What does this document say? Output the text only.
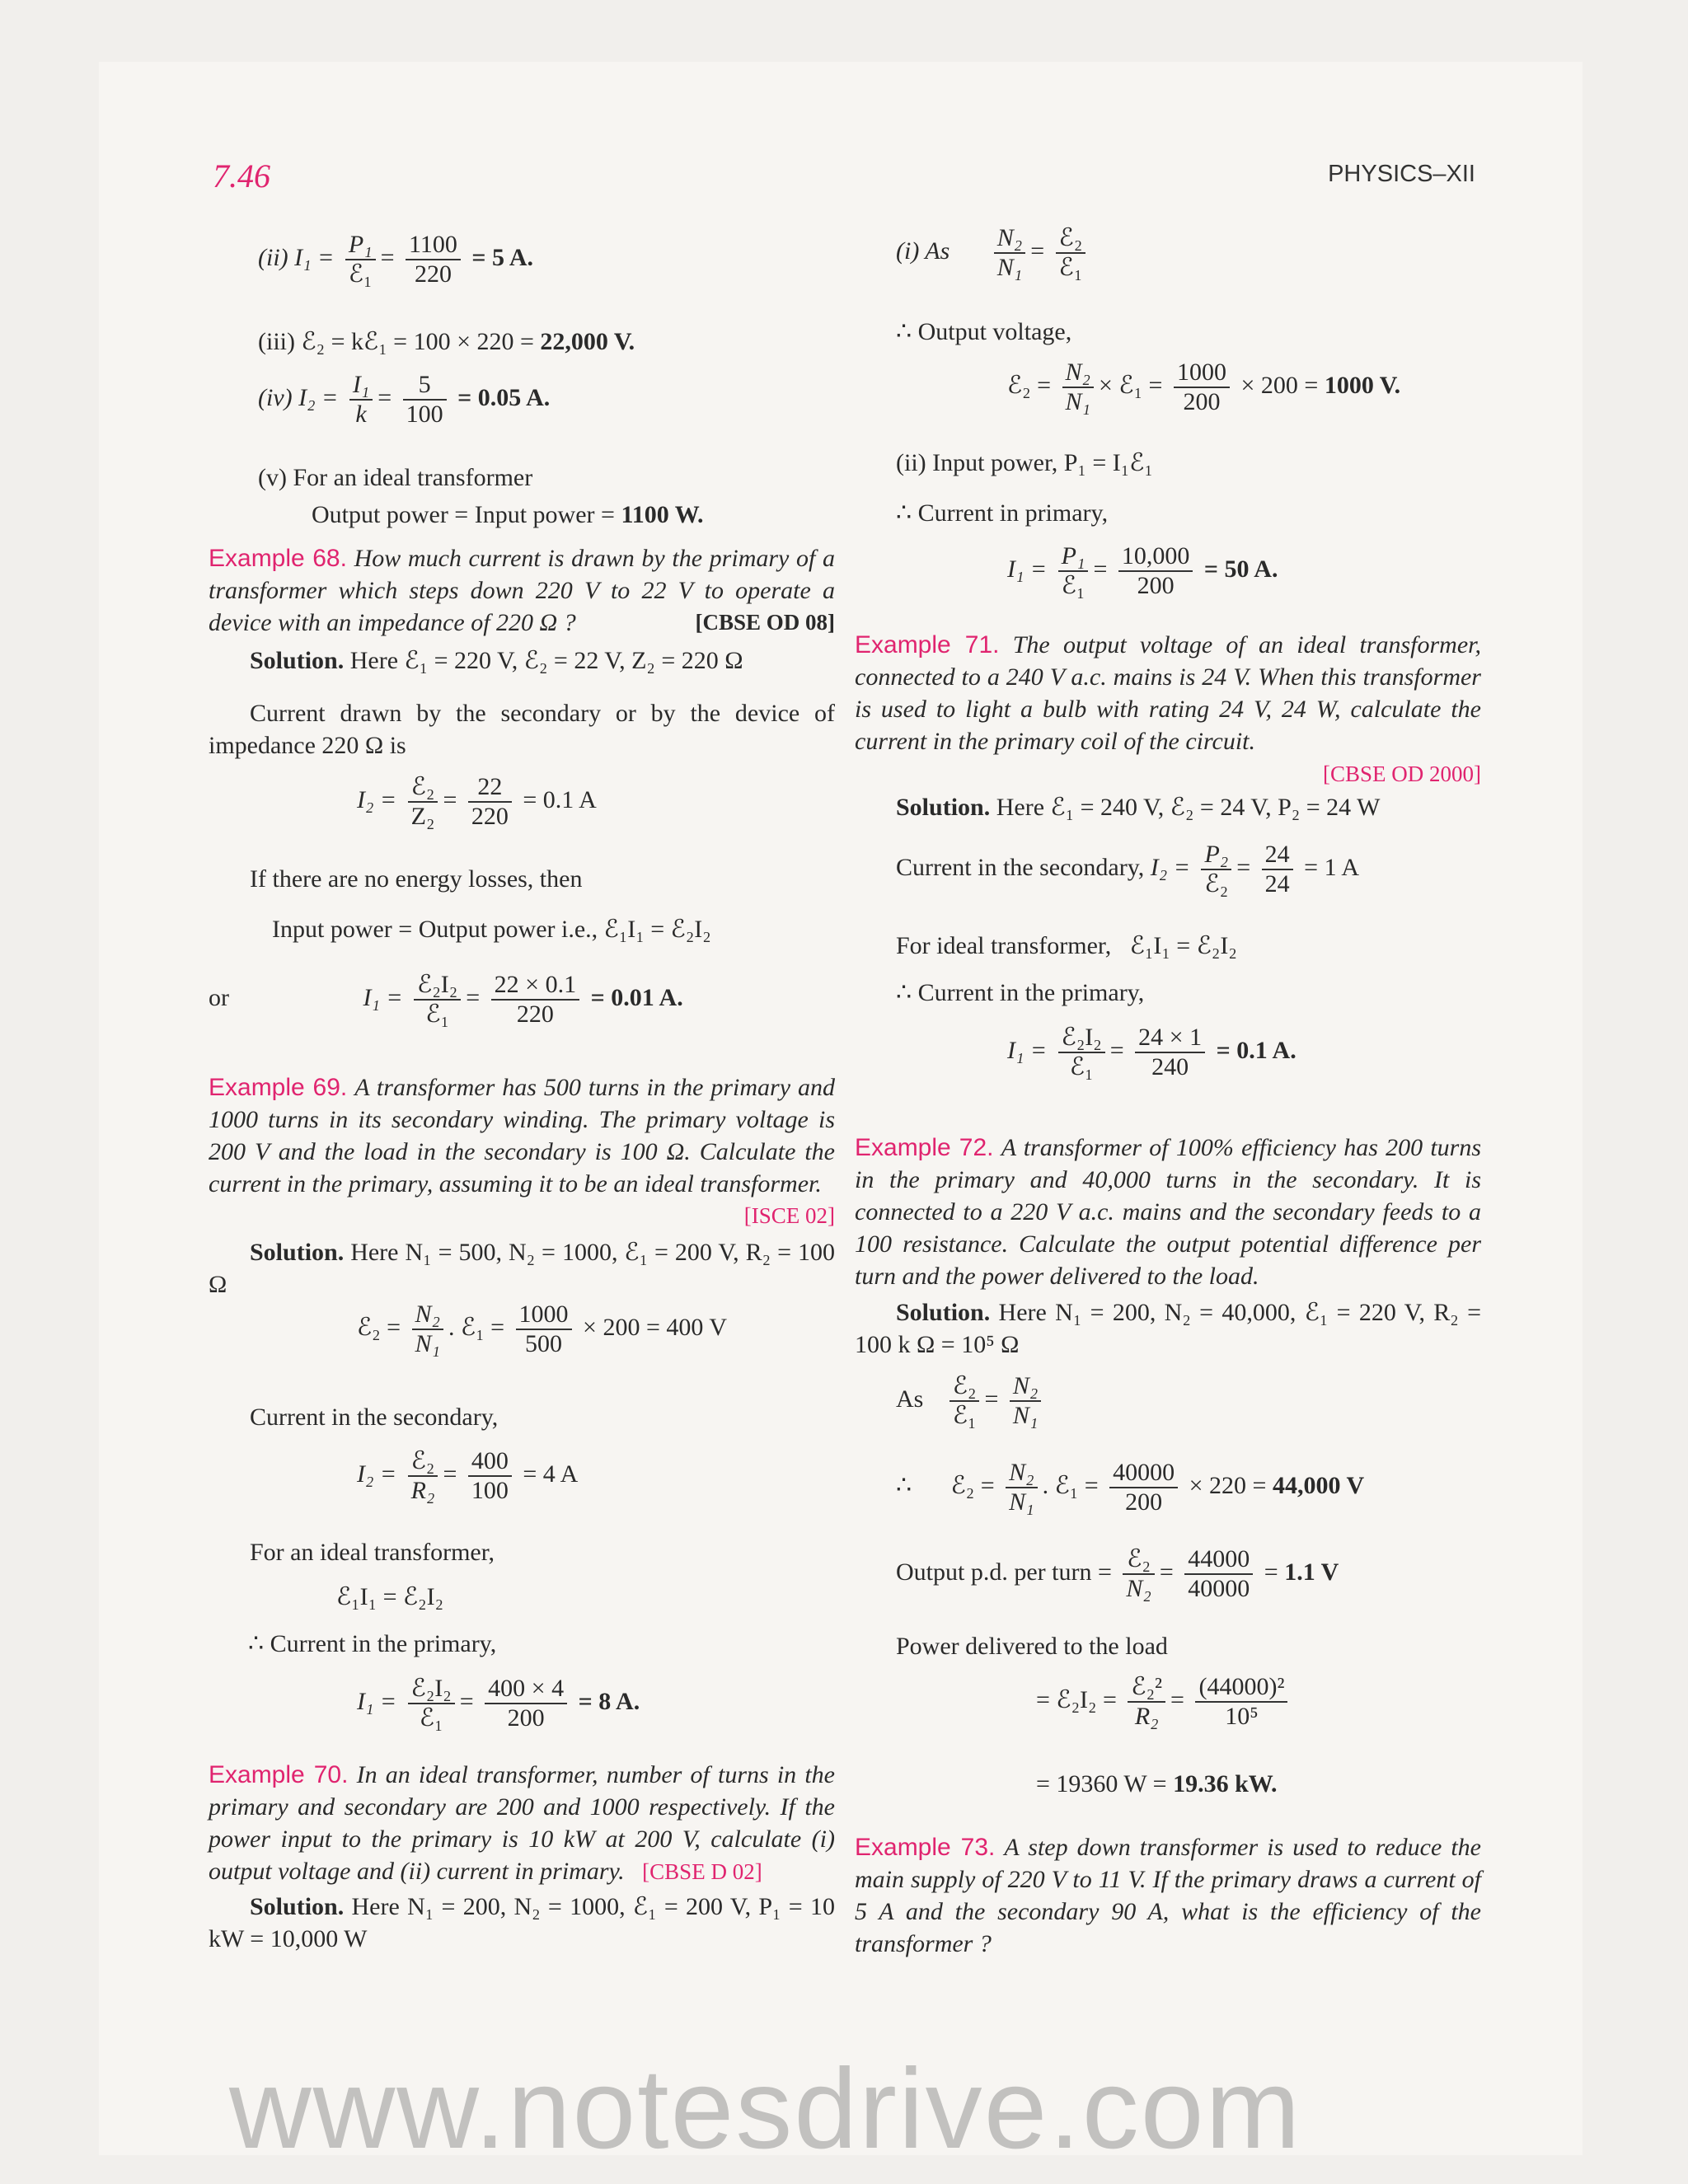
7.46	PHYSICS–XII
(ii) $I_1 = \frac{\text{P₁}}{\text{ℰ₁}} = \frac{1100}{220} = 5$ A.
(iii) ℰ₂ = kℰ₁ = 100 × 220 = 22,000 V.
(iv) $I_2 = \frac{\text{I₁}}{k} = \frac{5}{100} = 0.05$ A.
(v) For an ideal transformer
Output power = Input power = 1100 W.
Example 68. How much current is drawn by the primary of a transformer which steps down 220 V to 22 V to operate a device with an impedance of 220 Ω ?	[CBSE OD 08]
Solution. Here ℰ₁ = 220 V, ℰ₂ = 22 V, Z₂ = 220 Ω
Current drawn by the secondary or by the device of impedance 220 Ω is
$I_2 = \frac{\text{ℰ₂}}{\text{Z₂}} = \frac{22}{220} = 0.1$ A
If there are no energy losses, then
Input power = Output power i.e., ℰ₁I₁ = ℰ₂I₂
or	$I_1 = \frac{\text{ℰ₂I₂}}{\text{ℰ₁}} = \frac{22 \times 0.1}{220} = 0.01$ A.
Example 69. A transformer has 500 turns in the primary and 1000 turns in its secondary winding. The primary voltage is 200 V and the load in the secondary is 100 Ω. Calculate the current in the primary, assuming it to be an ideal transformer.
[ISCE 02]
Solution. Here N₁ = 500, N₂ = 1000, ℰ₁ = 200 V, R₂ = 100 Ω
ℰ₂ = $\frac{\text{N₂}}{\text{N₁}}$ . ℰ₁ = $\frac{1000}{500} \times 200 = 400$ V
Current in the secondary,
$I_2 = \frac{\text{ℰ₂}}{\text{R₂}} = \frac{400}{100} = 4$ A
For an ideal transformer,
ℰ₁I₁ = ℰ₂I₂
∴ Current in the primary,
$I_1 = \frac{\text{ℰ₂I₂}}{\text{ℰ₁}} = \frac{400 \times 4}{200} = 8$ A.
Example 70. In an ideal transformer, number of turns in the primary and secondary are 200 and 1000 respectively. If the power input to the primary is 10 kW at 200 V, calculate (i) output voltage and (ii) current in primary. [CBSE D 02]
Solution. Here N₁ = 200, N₂ = 1000, ℰ₁ = 200 V, P₁ = 10 kW = 10,000 W
(i) As $\frac{\text{N₂}}{\text{N₁}} = \frac{\text{ℰ₂}}{\text{ℰ₁}}$
∴ Output voltage,
ℰ₂ = $\frac{\text{N₂}}{\text{N₁}}$ × ℰ₁ = $\frac{1000}{200} \times 200 = 1000$ V.
(ii) Input power, P₁ = I₁ℰ₁
∴ Current in primary,
$I_1 = \frac{\text{P₁}}{\text{ℰ₁}} = \frac{10,000}{200} = 50$ A.
Example 71. The output voltage of an ideal transformer, connected to a 240 V a.c. mains is 24 V. When this transformer is used to light a bulb with rating 24 V, 24 W, calculate the current in the primary coil of the circuit.
[CBSE OD 2000]
Solution. Here ℰ₁ = 240 V, ℰ₂ = 24 V, P₂ = 24 W
Current in the secondary, $I_2 = \frac{\text{P₂}}{\text{ℰ₂}} = \frac{24}{24} = 1$ A
For ideal transformer,   ℰ₁I₁ = ℰ₂I₂
∴ Current in the primary,
$I_1 = \frac{\text{ℰ₂I₂}}{\text{ℰ₁}} = \frac{24 \times 1}{240} = 0.1$ A.
Example 72. A transformer of 100% efficiency has 200 turns in the primary and 40,000 turns in the secondary. It is connected to a 220 V a.c. mains and the secondary feeds to a 100 resistance. Calculate the output potential difference per turn and the power delivered to the load.
Solution. Here N₁ = 200, N₂ = 40,000, ℰ₁ = 220 V, R₂ = 100 k Ω = 10⁵ Ω
As $\frac{\text{ℰ₂}}{\text{ℰ₁}} = \frac{\text{N₂}}{\text{N₁}}$
∴ ℰ₂ = $\frac{\text{N₂}}{\text{N₁}}$ . ℰ₁ = $\frac{40000}{200} \times 220 = 44,000$ V
Output p.d. per turn = $\frac{\text{ℰ₂}}{\text{N₂}} = \frac{44000}{40000} = 1.1$ V
Power delivered to the load
= ℰ₂I₂ = $\frac{\text{ℰ₂²}}{\text{R₂}} = \frac{\text{(44000)²}}{\text{10⁵}}$
= 19360 W = 19.36 kW.
Example 73. A step down transformer is used to reduce the main supply of 220 V to 11 V. If the primary draws a current of 5 A and the secondary 90 A, what is the efficiency of the transformer ?
www.notesdrive.com
